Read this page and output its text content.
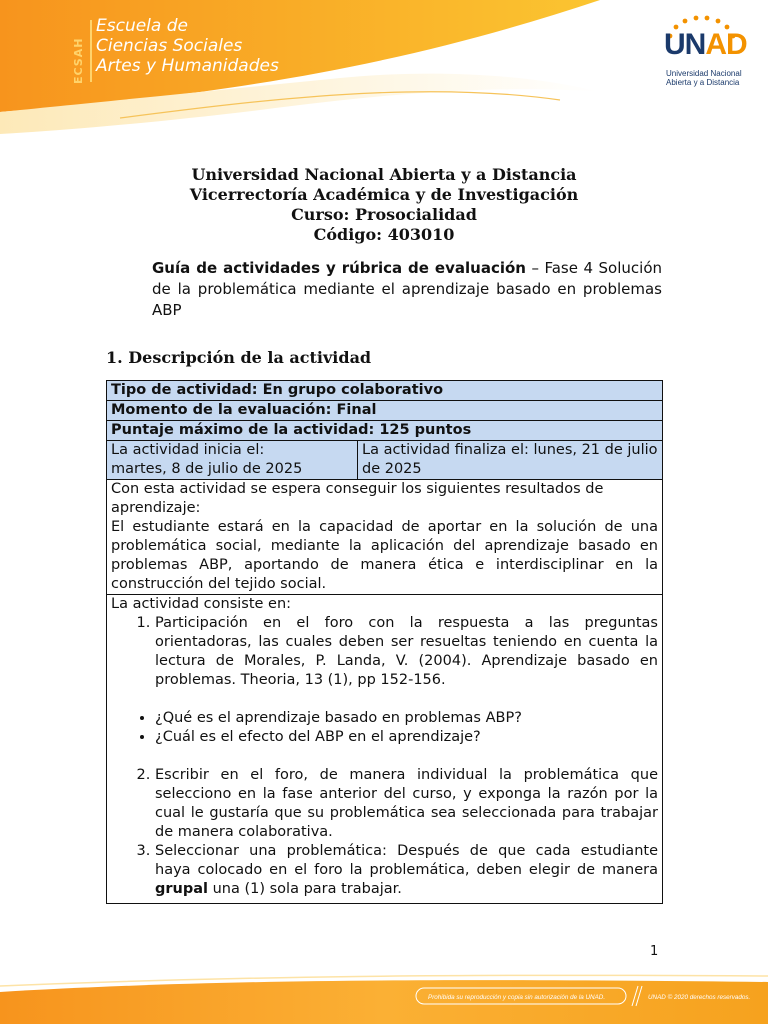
ECSAH
Escuela de
Ciencias Sociales
Artes y Humanidades
UNAD
Universidad Nacional
Abierta y a Distancia
Universidad Nacional Abierta y a Distancia
Vicerrectoría Académica y de Investigación
Curso: Prosocialidad
Código: 403010
Guía de actividades y rúbrica de evaluación – Fase 4 Solución de la problemática mediante el aprendizaje basado en problemas ABP
1. Descripción de la actividad
Tipo de actividad: En grupo colaborativo
Momento de la evaluación: Final
Puntaje máximo de la actividad: 125 puntos

La actividad inicia el:
martes, 8 de julio de 2025
	La actividad finaliza el: lunes, 21 de julio de 2025

Con esta actividad se espera conseguir los siguientes resultados de aprendizaje:
El estudiante estará en la capacidad de aportar en la solución de una problemática social, mediante la aplicación del aprendizaje basado en problemas ABP, aportando de manera ética e interdisciplinar en la construcción del tejido social.

La actividad consiste en:
1. Participación en el foro con la respuesta a las preguntas orientadoras, las cuales deben ser resueltas teniendo en cuenta la lectura de Morales, P. Landa, V. (2004). Aprendizaje basado en problemas. Theoria, 13 (1), pp 152-156.
• ¿Qué es el aprendizaje basado en problemas ABP?
• ¿Cuál es el efecto del ABP en el aprendizaje?
2. Escribir en el foro, de manera individual la problemática que selecciono en la fase anterior del curso, y exponga la razón por la cual le gustaría que su problemática sea seleccionada para trabajar de manera colaborativa.
3. Seleccionar una problemática: Después de que cada estudiante haya colocado en el foro la problemática, deben elegir de manera grupal una (1) sola para trabajar.
1
Prohibida su reproducción y copia sin autorización de la UNAD.	UNAD © 2020 derechos reservados.
